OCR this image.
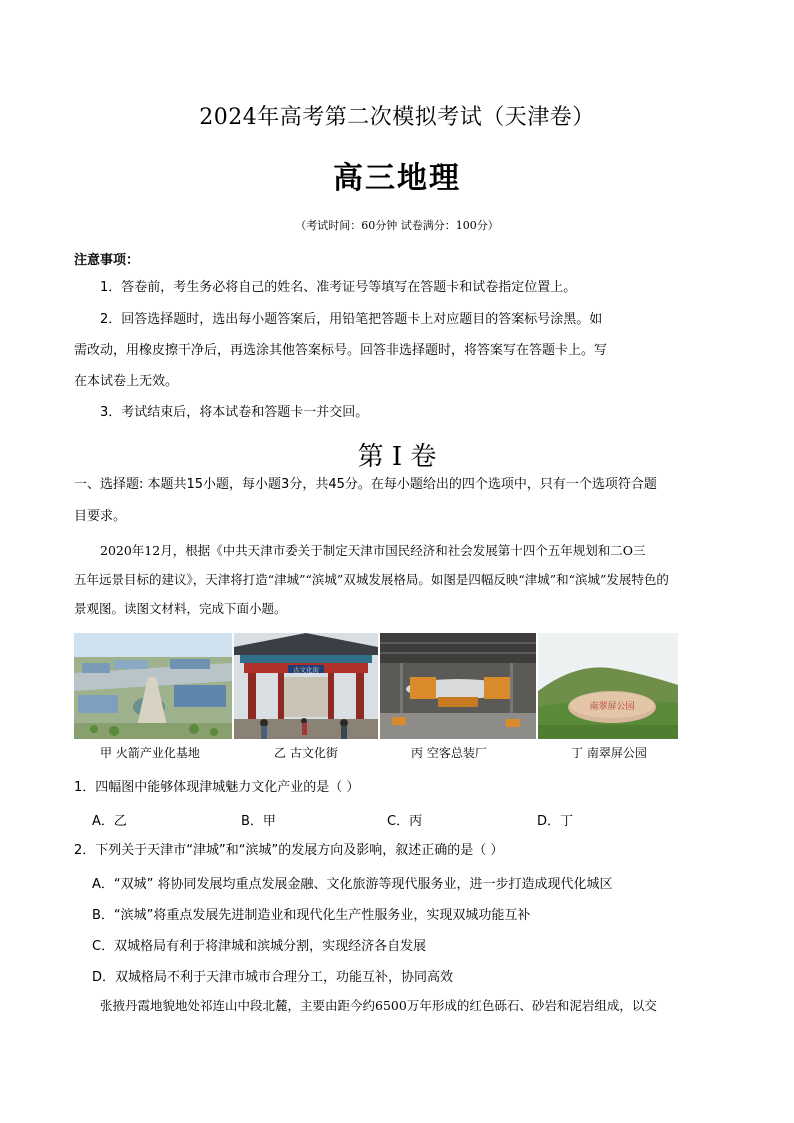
2024年高考第二次模拟考试（天津卷）
高三地理
（考试时间：60分钟 试卷满分：100分）
注意事项：
1．答卷前，考生务必将自己的姓名、准考证号等填写在答题卡和试卷指定位置上。
2．回答选择题时，选出每小题答案后，用铅笔把答题卡上对应题目的答案标号涂黑。如
需改动，用橡皮擦干净后，再选涂其他答案标号。回答非选择题时，将答案写在答题卡上。写
在本试卷上无效。
3．考试结束后，将本试卷和答题卡一并交回。
第 I 卷
一、选择题: 本题共15小题，每小题3分，共45分。在每小题给出的四个选项中，只有一个选项符合题
目要求。
2020年12月，根据《中共天津市委关于制定天津市国民经济和社会发展第十四个五年规划和二O三
五年远景目标的建议》，天津将打造“津城”“滨城”双城发展格局。如图是四幅反映“津城”和“滨城”发展特色的
景观图。读图文材料，完成下面小题。
古文化街
南翠屏公园
甲 火箭产业化基地	乙 古文化街	丙 空客总装厂	丁 南翠屏公园
1．四幅图中能够体现津城魅力文化产业的是（ ）
A．乙	B．甲	C．丙	D．丁
2．下列关于天津市“津城”和“滨城”的发展方向及影响，叙述正确的是（ ）
A．“双城” 将协同发展均重点发展金融、文化旅游等现代服务业，进一步打造成现代化城区
B．“滨城”将重点发展先进制造业和现代化生产性服务业，实现双城功能互补
C．双城格局有利于将津城和滨城分割，实现经济各自发展
D．双城格局不利于天津市城市合理分工，功能互补，协同高效
张掖丹霞地貌地处祁连山中段北麓，主要由距今约6500万年形成的红色砾石、砂岩和泥岩组成，以交
